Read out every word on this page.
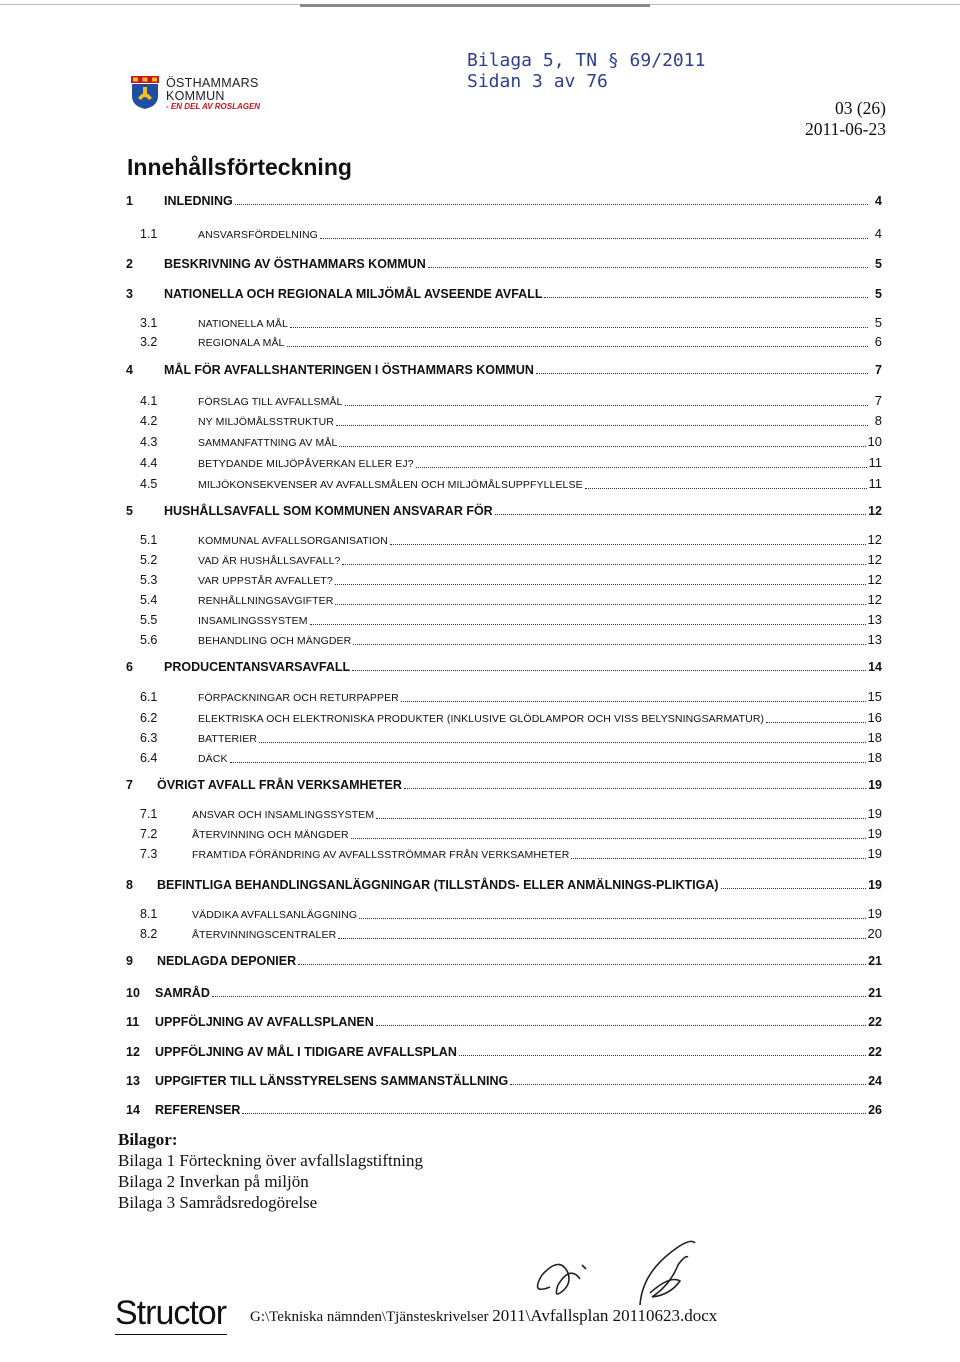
ÖSTHAMMARS
KOMMUN
- EN DEL AV ROSLAGEN
Bilaga 5, TN § 69/2011
Sidan 3 av 76
03 (26)
2011-06-23
Innehållsförteckning
1 INLEDNING	4
1.1	ANSVARSFÖRDELNING	4
2 BESKRIVNING AV ÖSTHAMMARS KOMMUN	5
3 NATIONELLA OCH REGIONALA MILJÖMÅL AVSEENDE AVFALL	5
3.1	NATIONELLA MÅL	5
3.2	REGIONALA MÅL	6
4 MÅL FÖR AVFALLSHANTERINGEN I ÖSTHAMMARS KOMMUN	7
4.1	FÖRSLAG TILL AVFALLSMÅL	7
4.2	NY MILJÖMÅLSSTRUKTUR	8
4.3	SAMMANFATTNING AV MÅL	10
4.4	BETYDANDE MILJÖPÅVERKAN ELLER EJ?	11
4.5	MILJÖKONSEKVENSER AV AVFALLSMÅLEN OCH MILJÖMÅLSUPPFYLLELSE	11
5 HUSHÅLLSAVFALL SOM KOMMUNEN ANSVARAR FÖR	12
5.1	KOMMUNAL AVFALLSORGANISATION	12
5.2	VAD ÄR HUSHÅLLSAVFALL?	12
5.3	VAR UPPSTÅR AVFALLET?	12
5.4	RENHÅLLNINGSAVGIFTER	12
5.5	INSAMLINGSSYSTEM	13
5.6	BEHANDLING OCH MÄNGDER	13
6 PRODUCENTANSVARSAVFALL	14
6.1	FÖRPACKNINGAR OCH RETURPAPPER	15
6.2	ELEKTRISKA OCH ELEKTRONISKA PRODUKTER (INKLUSIVE GLÖDLAMPOR OCH VISS BELYSNINGSARMATUR)	16
6.3	BATTERIER	18
6.4	DÄCK	18
7 ÖVRIGT AVFALL FRÅN VERKSAMHETER	19
7.1	ANSVAR OCH INSAMLINGSSYSTEM	19
7.2	ÅTERVINNING OCH MÄNGDER	19
7.3	FRAMTIDA FÖRÄNDRING AV AVFALLSSTRÖMMAR FRÅN VERKSAMHETER	19
8 BEFINTLIGA BEHANDLINGSANLÄGGNINGAR (TILLSTÅNDS- ELLER ANMÄLNINGS-PLIKTIGA)	19
8.1	VÄDDIKA AVFALLSANLÄGGNING	19
8.2	ÅTERVINNINGSCENTRALER	20
9 NEDLAGDA DEPONIER	21
10 SAMRÅD	21
11 UPPFÖLJNING AV AVFALLSPLANEN	22
12 UPPFÖLJNING AV MÅL I TIDIGARE AVFALLSPLAN	22
13 UPPGIFTER TILL LÄNSSTYRELSENS SAMMANSTÄLLNING	24
14 REFERENSER	26
Bilagor:
Bilaga 1 Förteckning över avfallslagstiftning
Bilaga 2 Inverkan på miljön
Bilaga 3 Samrådsredogörelse
Structor G:\Tekniska nämnden\Tjänsteskrivelser 2011\Avfallsplan 20110623.docx
